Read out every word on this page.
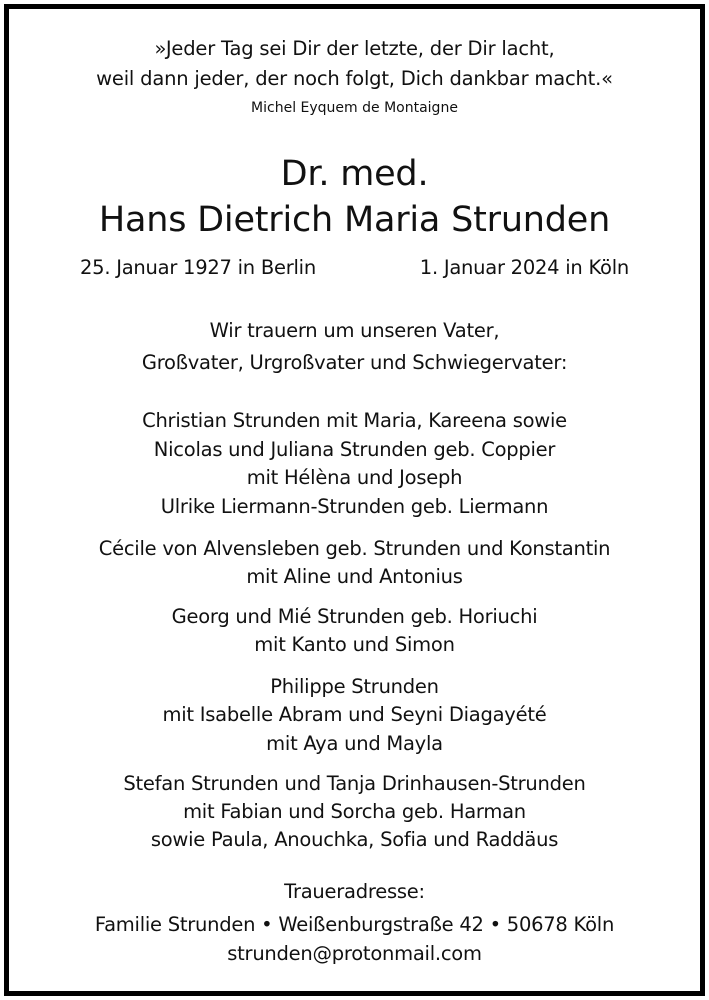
»Jeder Tag sei Dir der letzte, der Dir lacht,
weil dann jeder, der noch folgt, Dich dankbar macht.«
Michel Eyquem de Montaigne
Dr. med.
Hans Dietrich Maria Strunden
25. Januar 1927 in Berlin	1. Januar 2024 in Köln
Wir trauern um unseren Vater,
Großvater, Urgroßvater und Schwiegervater:
Christian Strunden mit Maria, Kareena sowie
Nicolas und Juliana Strunden geb. Coppier
mit Hélèna und Joseph
Ulrike Liermann-Strunden geb. Liermann
Cécile von Alvensleben geb. Strunden und Konstantin
mit Aline und Antonius
Georg und Mié Strunden geb. Horiuchi
mit Kanto und Simon
Philippe Strunden
mit Isabelle Abram und Seyni Diagayété
mit Aya und Mayla
Stefan Strunden und Tanja Drinhausen-Strunden
mit Fabian und Sorcha geb. Harman
sowie Paula, Anouchka, Sofia und Raddäus
Traueradresse:
Familie Strunden • Weißenburgstraße 42 • 50678 Köln
strunden@protonmail.com
